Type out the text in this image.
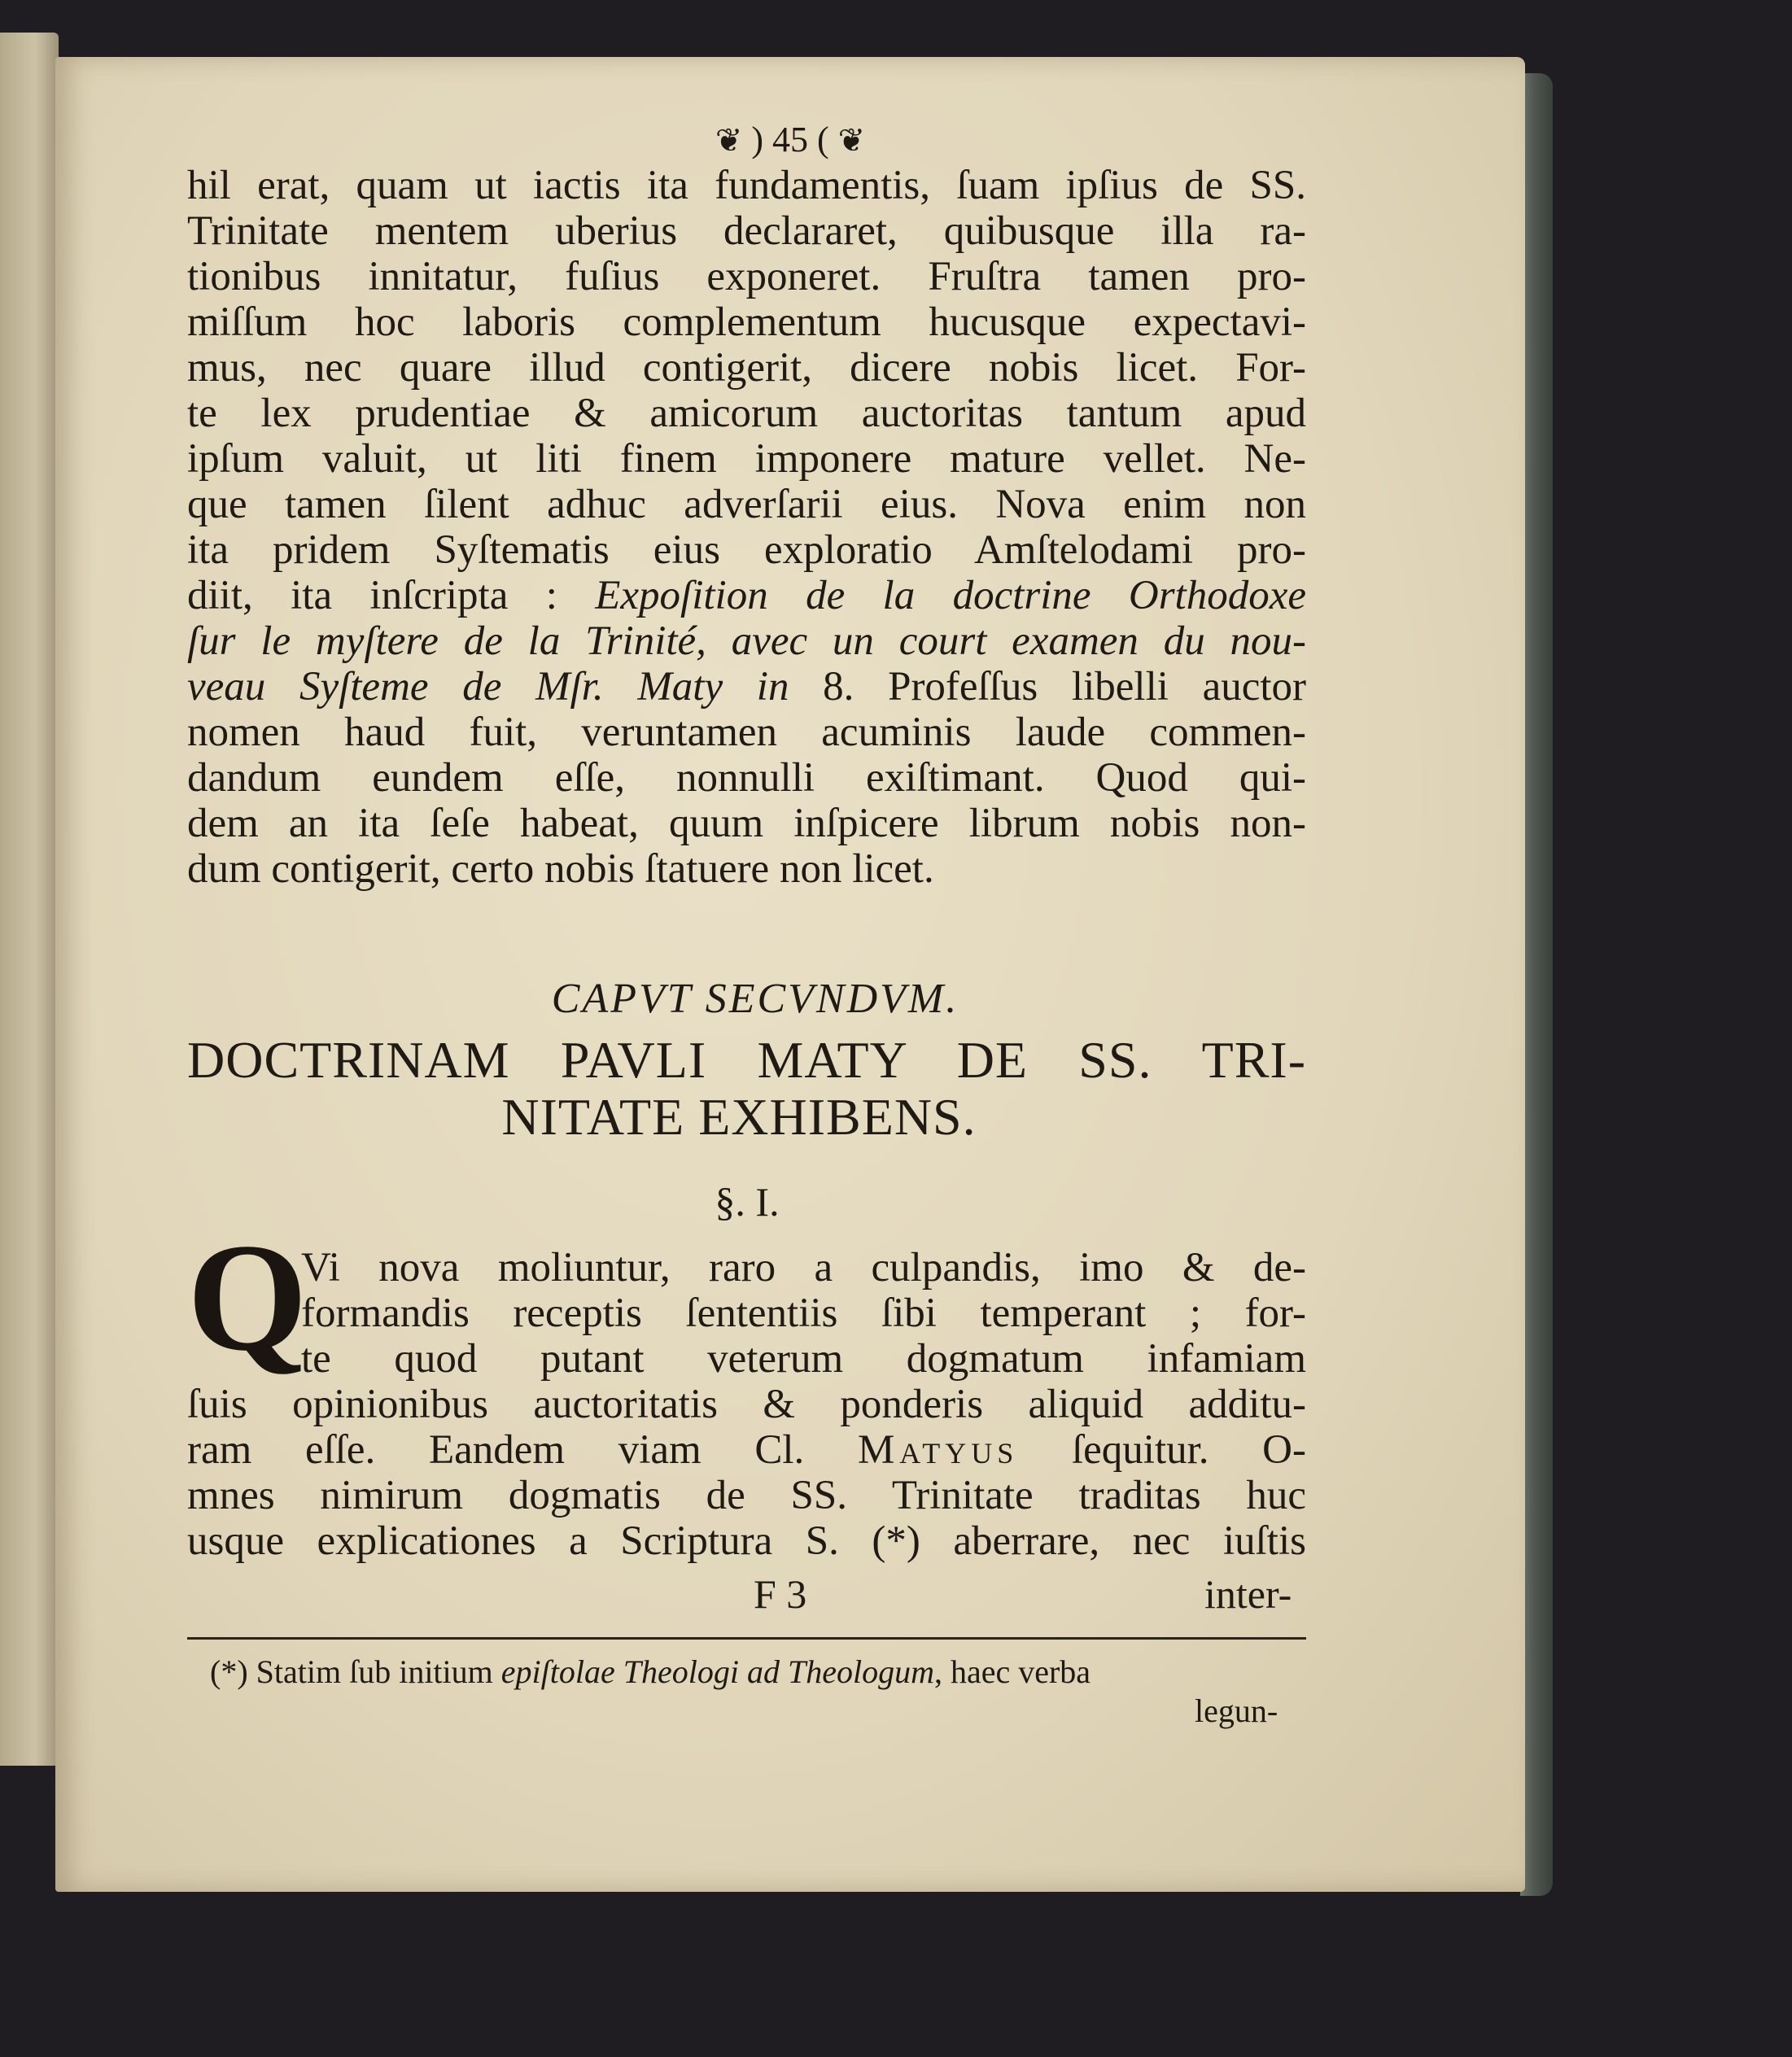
❦ ) 45 ( ❦
hil erat, quam ut iactis ita fundamentis, ſuam ipſius de SS.
Trinitate mentem uberius declararet, quibusque illa ra-
tionibus innitatur, fuſius exponeret. Fruſtra tamen pro-
miſſum hoc laboris complementum hucusque expectavi-
mus, nec quare illud contigerit, dicere nobis licet. For-
te lex prudentiae & amicorum auctoritas tantum apud
ipſum valuit, ut liti finem imponere mature vellet. Ne-
que tamen ſilent adhuc adverſarii eius. Nova enim non
ita pridem Syſtematis eius exploratio Amſtelodami pro-
diit, ita inſcripta : Expoſition de la doctrine Orthodoxe
ſur le myſtere de la Trinité, avec un court examen du nou-
veau Syſteme de Mſr. Maty in 8. Profeſſus libelli auctor
nomen haud fuit, veruntamen acuminis laude commen-
dandum eundem eſſe, nonnulli exiſtimant. Quod qui-
dem an ita ſeſe habeat, quum inſpicere librum nobis non-
dum contigerit, certo nobis ſtatuere non licet.
CAPVT SECVNDVM.
DOCTRINAM PAVLI MATY DE SS. TRI-
NITATE EXHIBENS.
§. I.
Q
Vi nova moliuntur, raro a culpandis, imo & de-
formandis receptis ſententiis ſibi temperant ; for-
te quod putant veterum dogmatum infamiam
ſuis opinionibus auctoritatis & ponderis aliquid additu-
ram eſſe. Eandem viam Cl. Matyus ſequitur. O-
mnes nimirum dogmatis de SS. Trinitate traditas huc
usque explicationes a Scriptura S. (*) aberrare, nec iuſtis
F 3	inter-
(*) Statim ſub initium epiſtolae Theologi ad Theologum, haec verba
legun-
